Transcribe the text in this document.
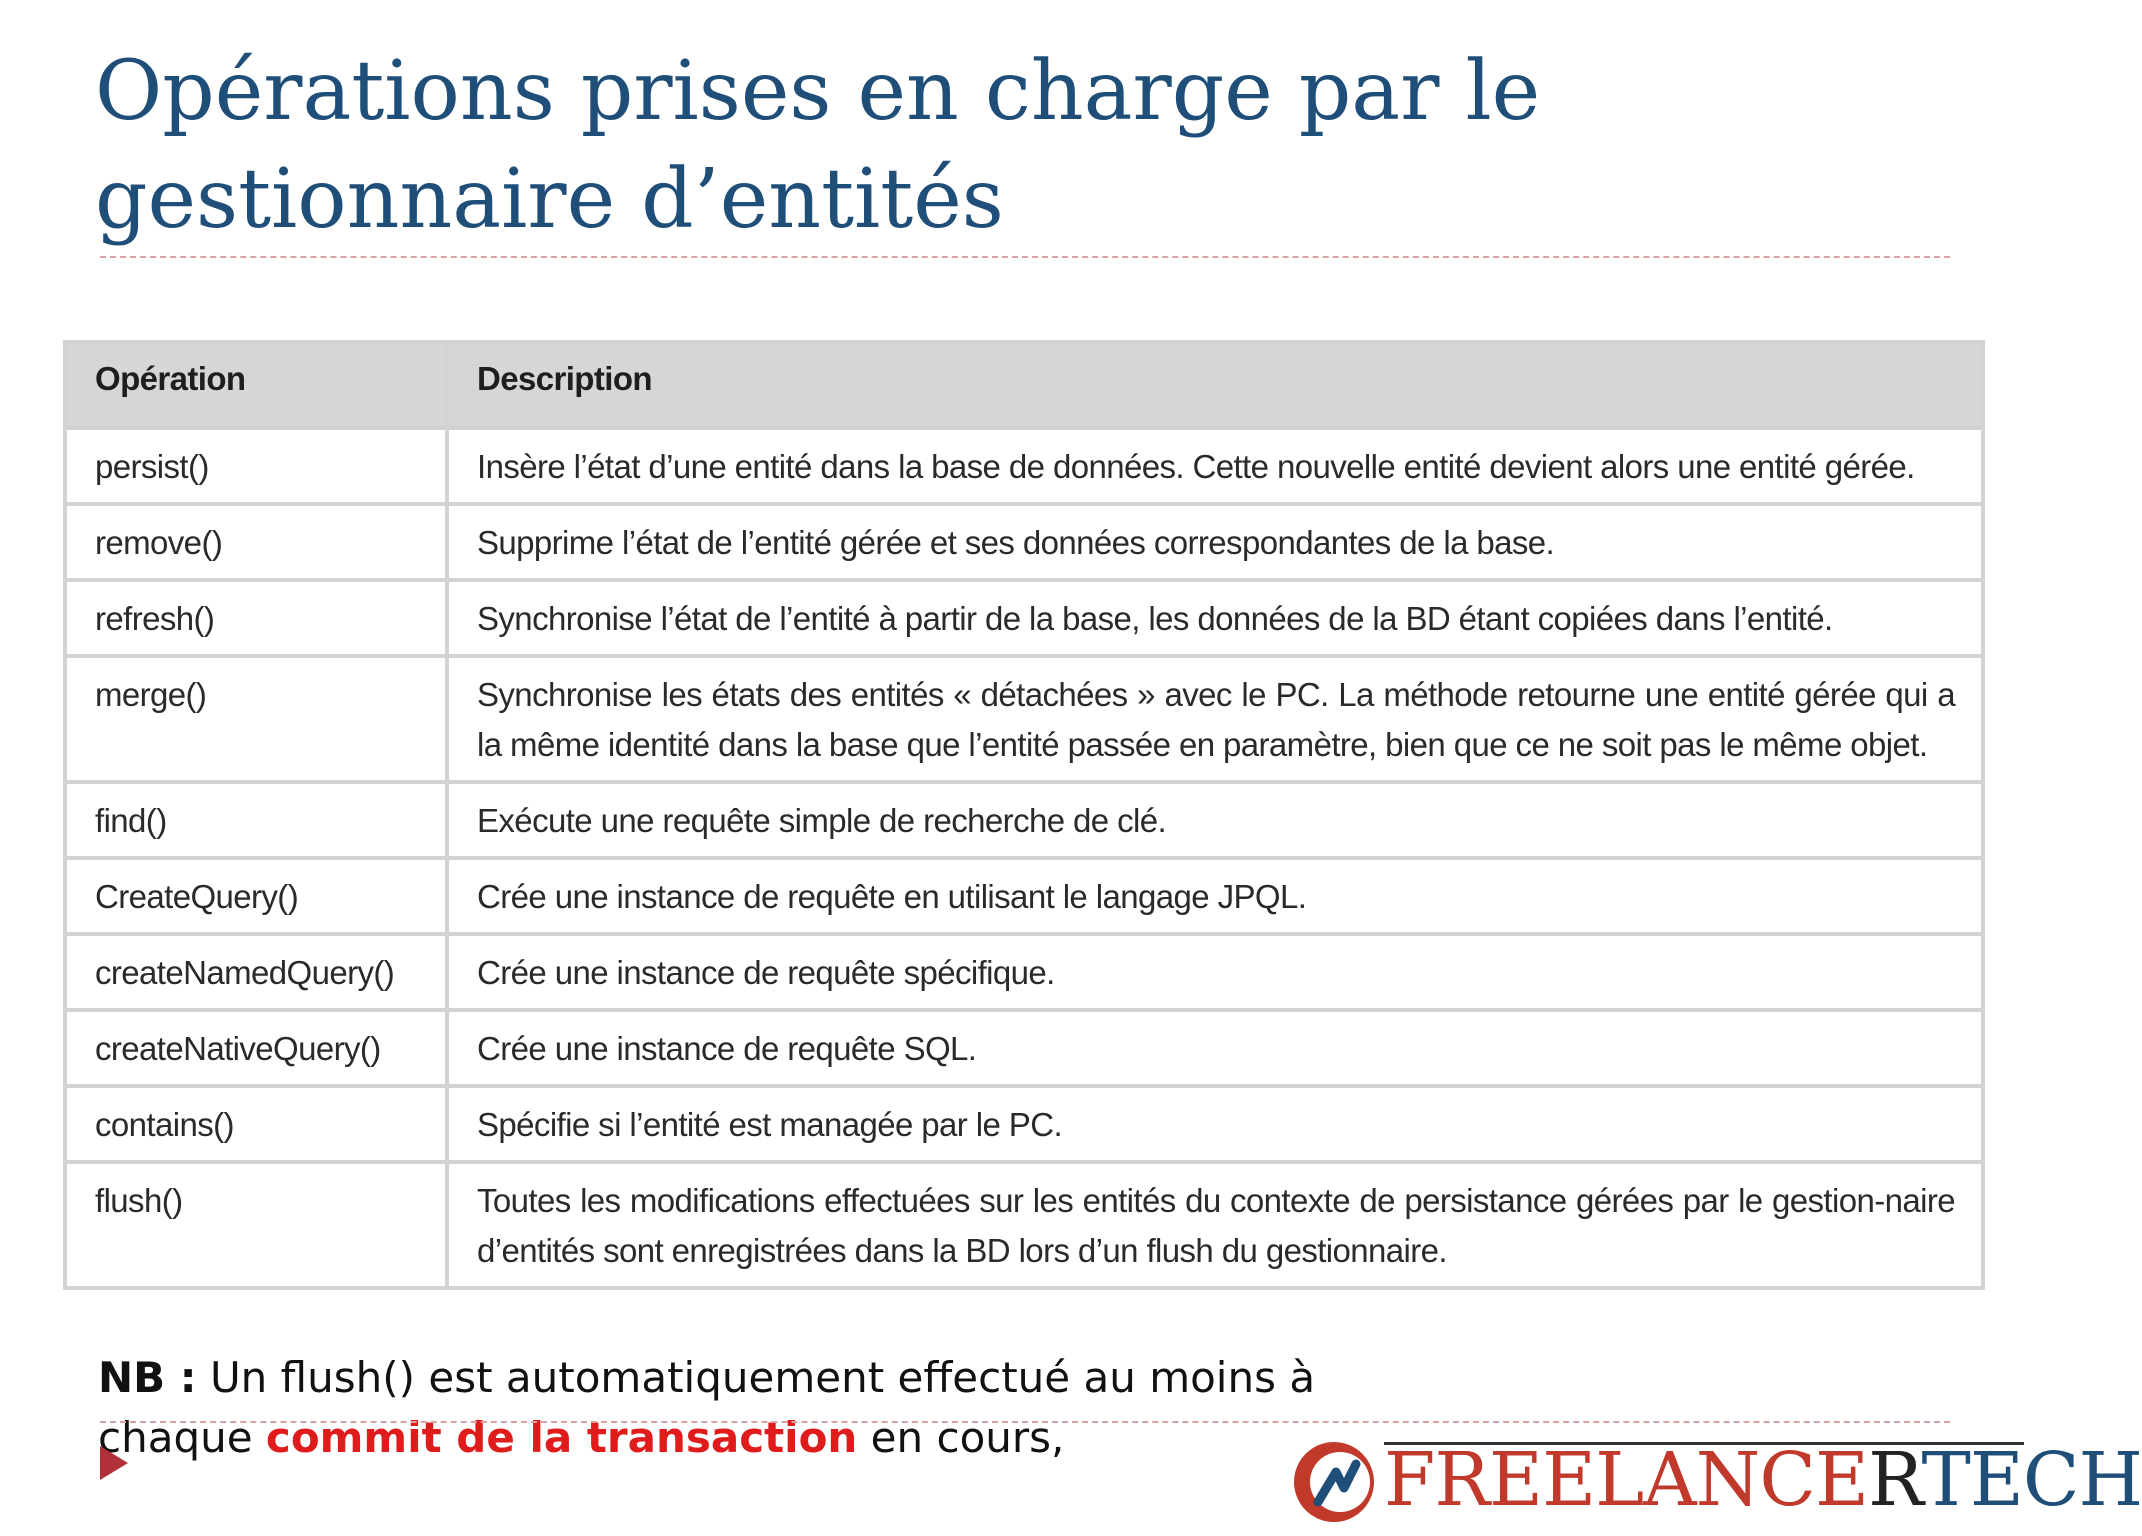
Opérations prises en charge par le gestionnaire d’entités
Opération	Description
persist()	Insère l’état d’une entité dans la base de données. Cette nouvelle entité devient alors une entité gérée.
remove()	Supprime l’état de l’entité gérée et ses données correspondantes de la base.
refresh()	Synchronise l’état de l’entité à partir de la base, les données de la BD étant copiées dans l’entité.
merge()	Synchronise les états des entités « détachées » avec le PC. La méthode retourne une entité gérée qui a la même identité dans la base que l’entité passée en paramètre, bien que ce ne soit pas le même objet.
find()	Exécute une requête simple de recherche de clé.
CreateQuery()	Crée une instance de requête en utilisant le langage JPQL.
createNamedQuery()	Crée une instance de requête spécifique.
createNativeQuery()	Crée une instance de requête SQL.
contains()	Spécifie si l’entité est managée par le PC.
flush()	Toutes les modifications effectuées sur les entités du contexte de persistance gérées par le gestion-naire d’entités sont enregistrées dans la BD lors d’un flush du gestionnaire.

NB : Un flush() est automatiquement effectué au moins à chaque commit de la transaction en cours,	FREELANCERTECH
